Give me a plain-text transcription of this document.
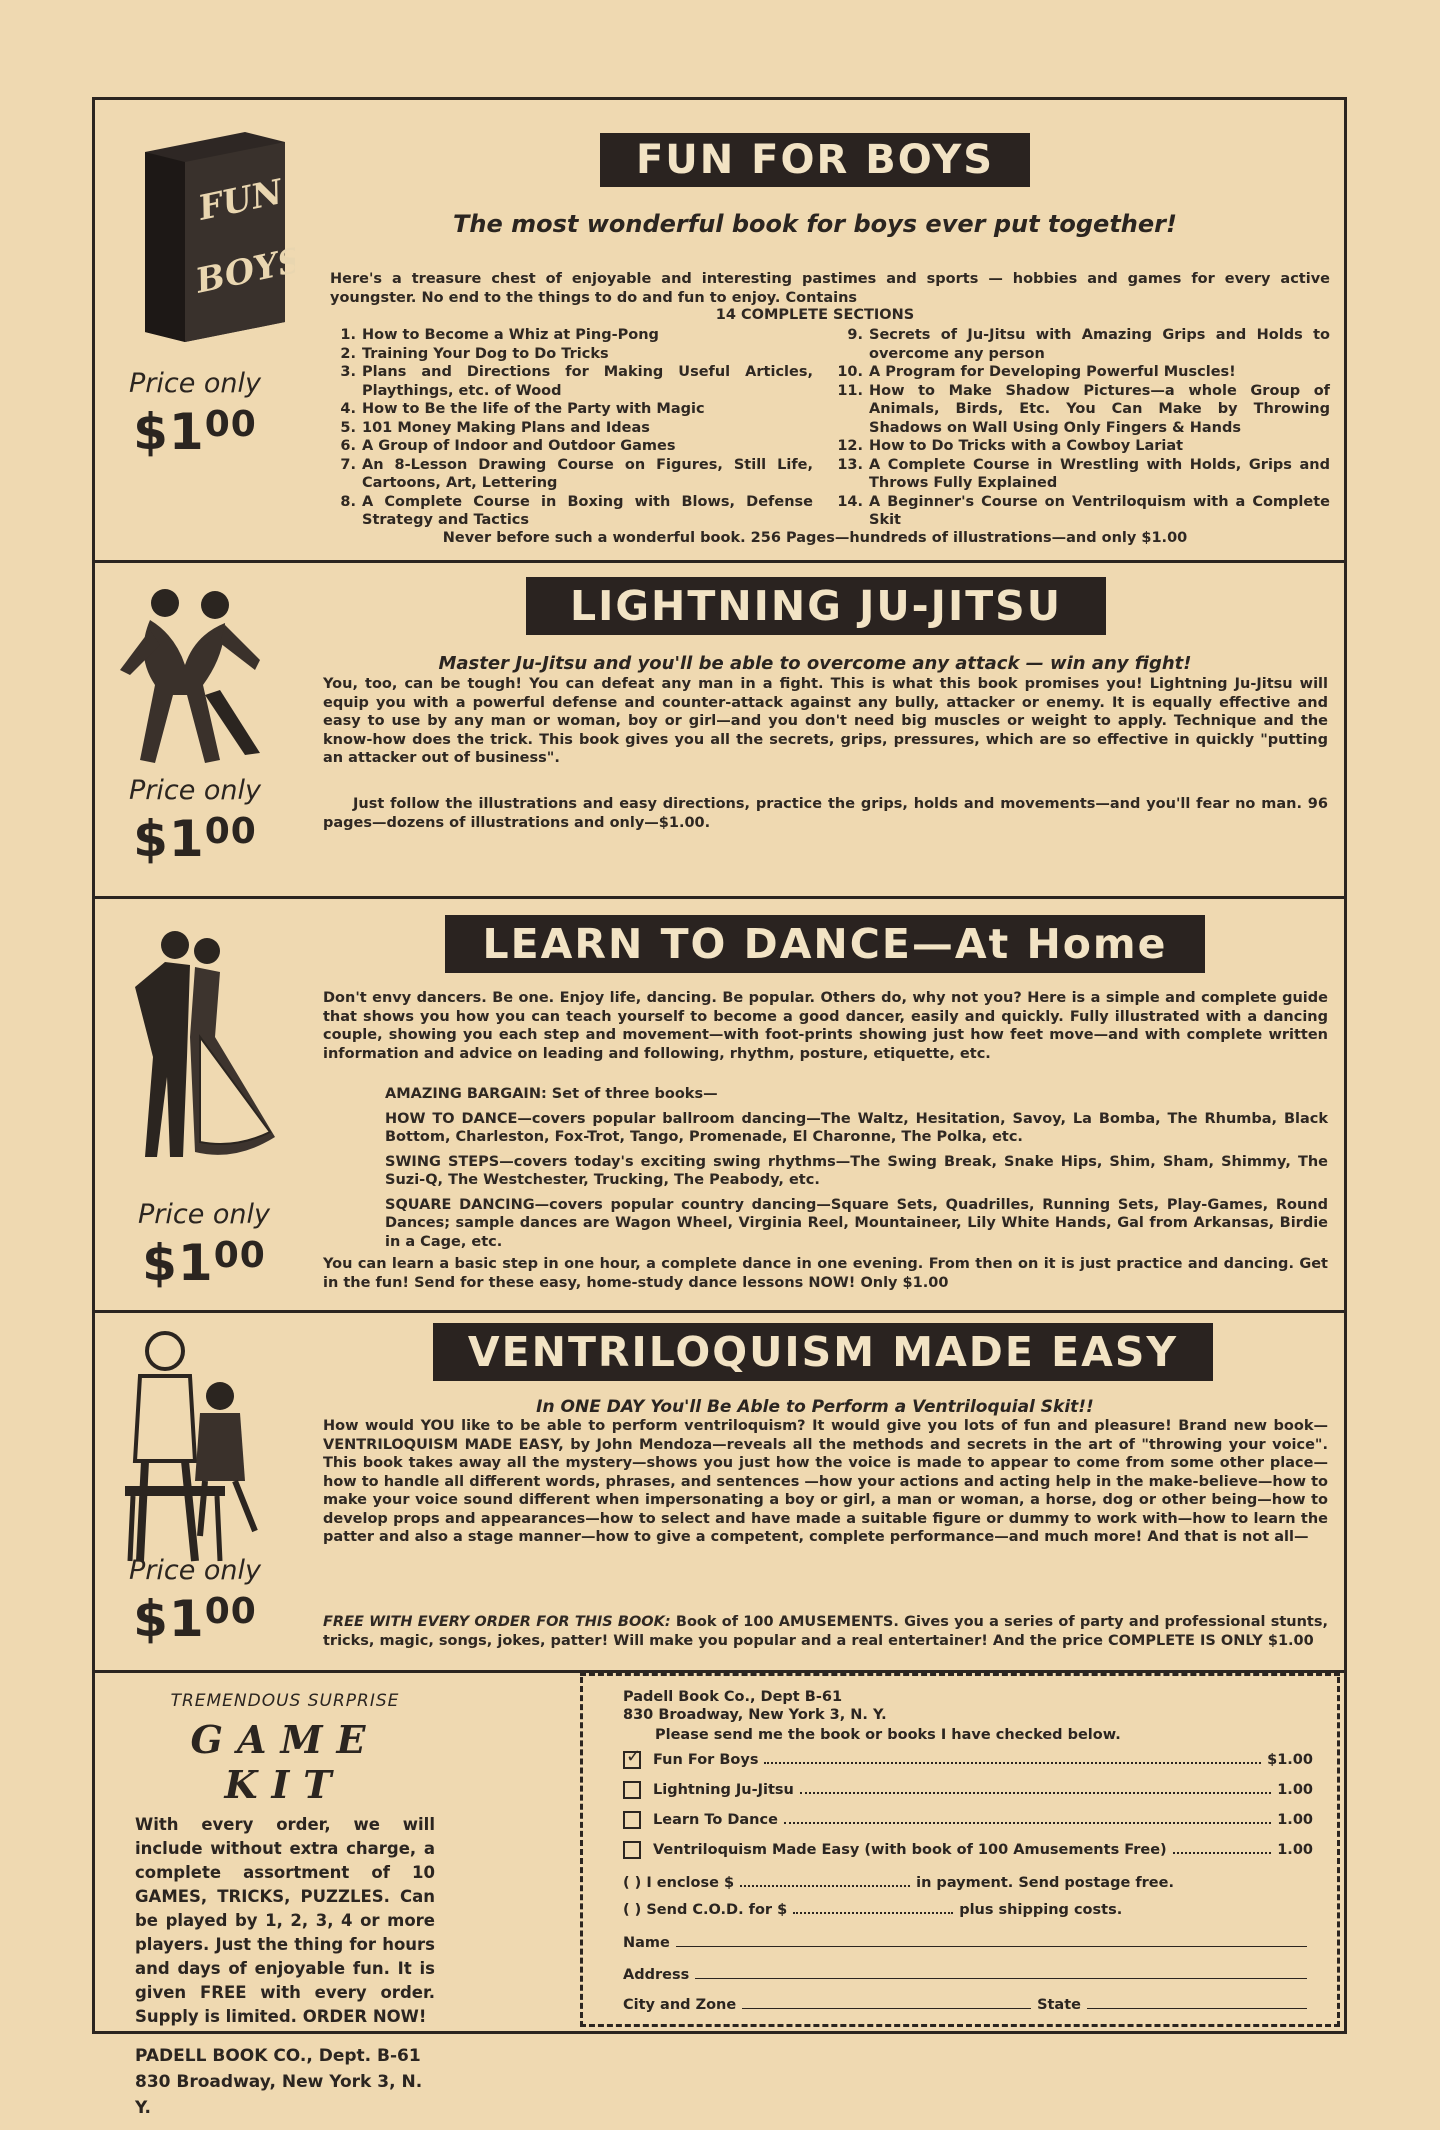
FUN
BOYS
Price only
$\$1^{00}$
FUN FOR BOYS
The most wonderful book for boys ever put together!
Here's a treasure chest of enjoyable and interesting pastimes and sports — hobbies and games for every active youngster. No end to the things to do and fun to enjoy. Contains
14 COMPLETE SECTIONS
1. How to Become a Whiz at Ping-Pong
2. Training Your Dog to Do Tricks
3. Plans and Directions for Making Useful Articles, Playthings, etc. of Wood
4. How to Be the life of the Party with Magic
5. 101 Money Making Plans and Ideas
6. A Group of Indoor and Outdoor Games
7. An 8-Lesson Drawing Course on Figures, Still Life, Cartoons, Art, Lettering
8. A Complete Course in Boxing with Blows, Defense Strategy and Tactics
9. Secrets of Ju-Jitsu with Amazing Grips and Holds to overcome any person
10. A Program for Developing Powerful Muscles!
11. How to Make Shadow Pictures—a whole Group of Animals, Birds, Etc. You Can Make by Throwing Shadows on Wall Using Only Fingers & Hands
12. How to Do Tricks with a Cowboy Lariat
13. A Complete Course in Wrestling with Holds, Grips and Throws Fully Explained
14. A Beginner's Course on Ventriloquism with a Complete Skit
Never before such a wonderful book. 256 Pages—hundreds of illustrations—and only $1.00
Price only
$\$1^{00}$
LIGHTNING JU-JITSU
Master Ju-Jitsu and you'll be able to overcome any attack — win any fight!
You, too, can be tough! You can defeat any man in a fight. This is what this book promises you! Lightning Ju-Jitsu will equip you with a powerful defense and counter-attack against any bully, attacker or enemy. It is equally effective and easy to use by any man or woman, boy or girl—and you don't need big muscles or weight to apply. Technique and the know-how does the trick. This book gives you all the secrets, grips, pressures, which are so effective in quickly "putting an attacker out of business".
Just follow the illustrations and easy directions, practice the grips, holds and movements—and you'll fear no man. 96 pages—dozens of illustrations and only—$1.00.
Price only
$\$1^{00}$
LEARN TO DANCE—At Home
Don't envy dancers. Be one. Enjoy life, dancing. Be popular. Others do, why not you? Here is a simple and complete guide that shows you how you can teach yourself to become a good dancer, easily and quickly. Fully illustrated with a dancing couple, showing you each step and movement—with foot-prints showing just how feet move—and with complete written information and advice on leading and following, rhythm, posture, etiquette, etc.
AMAZING BARGAIN: Set of three books—
HOW TO DANCE—covers popular ballroom dancing—The Waltz, Hesitation, Savoy, La Bomba, The Rhumba, Black Bottom, Charleston, Fox-Trot, Tango, Promenade, El Charonne, The Polka, etc.
SWING STEPS—covers today's exciting swing rhythms—The Swing Break, Snake Hips, Shim, Sham, Shimmy, The Suzi-Q, The Westchester, Trucking, The Peabody, etc.
SQUARE DANCING—covers popular country dancing—Square Sets, Quadrilles, Running Sets, Play-Games, Round Dances; sample dances are Wagon Wheel, Virginia Reel, Mountaineer, Lily White Hands, Gal from Arkansas, Birdie in a Cage, etc.
You can learn a basic step in one hour, a complete dance in one evening. From then on it is just practice and dancing. Get in the fun! Send for these easy, home-study dance lessons NOW! Only $1.00
Price only
$\$1^{00}$
VENTRILOQUISM MADE EASY
In ONE DAY You'll Be Able to Perform a Ventriloquial Skit!!
How would YOU like to be able to perform ventriloquism? It would give you lots of fun and pleasure! Brand new book—VENTRILOQUISM MADE EASY, by John Mendoza—reveals all the methods and secrets in the art of "throwing your voice". This book takes away all the mystery—shows you just how the voice is made to appear to come from some other place—how to handle all different words, phrases, and sentences —how your actions and acting help in the make-believe—how to make your voice sound different when impersonating a boy or girl, a man or woman, a horse, dog or other being—how to develop props and appearances—how to select and have made a suitable figure or dummy to work with—how to learn the patter and also a stage manner—how to give a competent, complete performance—and much more! And that is not all—
FREE WITH EVERY ORDER FOR THIS BOOK: Book of 100 AMUSEMENTS. Gives you a series of party and professional stunts, tricks, magic, songs, jokes, patter! Will make you popular and a real entertainer! And the price COMPLETE IS ONLY $1.00
TREMENDOUS SURPRISE
GAME KIT
With every order, we will include without extra charge, a complete assortment of 10 GAMES, TRICKS, PUZZLES. Can be played by 1, 2, 3, 4 or more players. Just the thing for hours and days of enjoyable fun. It is given FREE with every order. Supply is limited. ORDER NOW!
PADELL BOOK CO., Dept. B-61
830 Broadway, New York 3, N. Y.
Padell Book Co., Dept B-61
830 Broadway, New York 3, N. Y.
Please send me the book or books I have checked below.
✓ Fun For Boys	$1.00
Lightning Ju-Jitsu	1.00
Learn To Dance	1.00
Ventriloquism Made Easy (with book of 100 Amusements Free)	1.00
( ) I enclose $	in payment. Send postage free.
( ) Send C.O.D. for $	plus shipping costs.
Name
Address
City and Zone	State
